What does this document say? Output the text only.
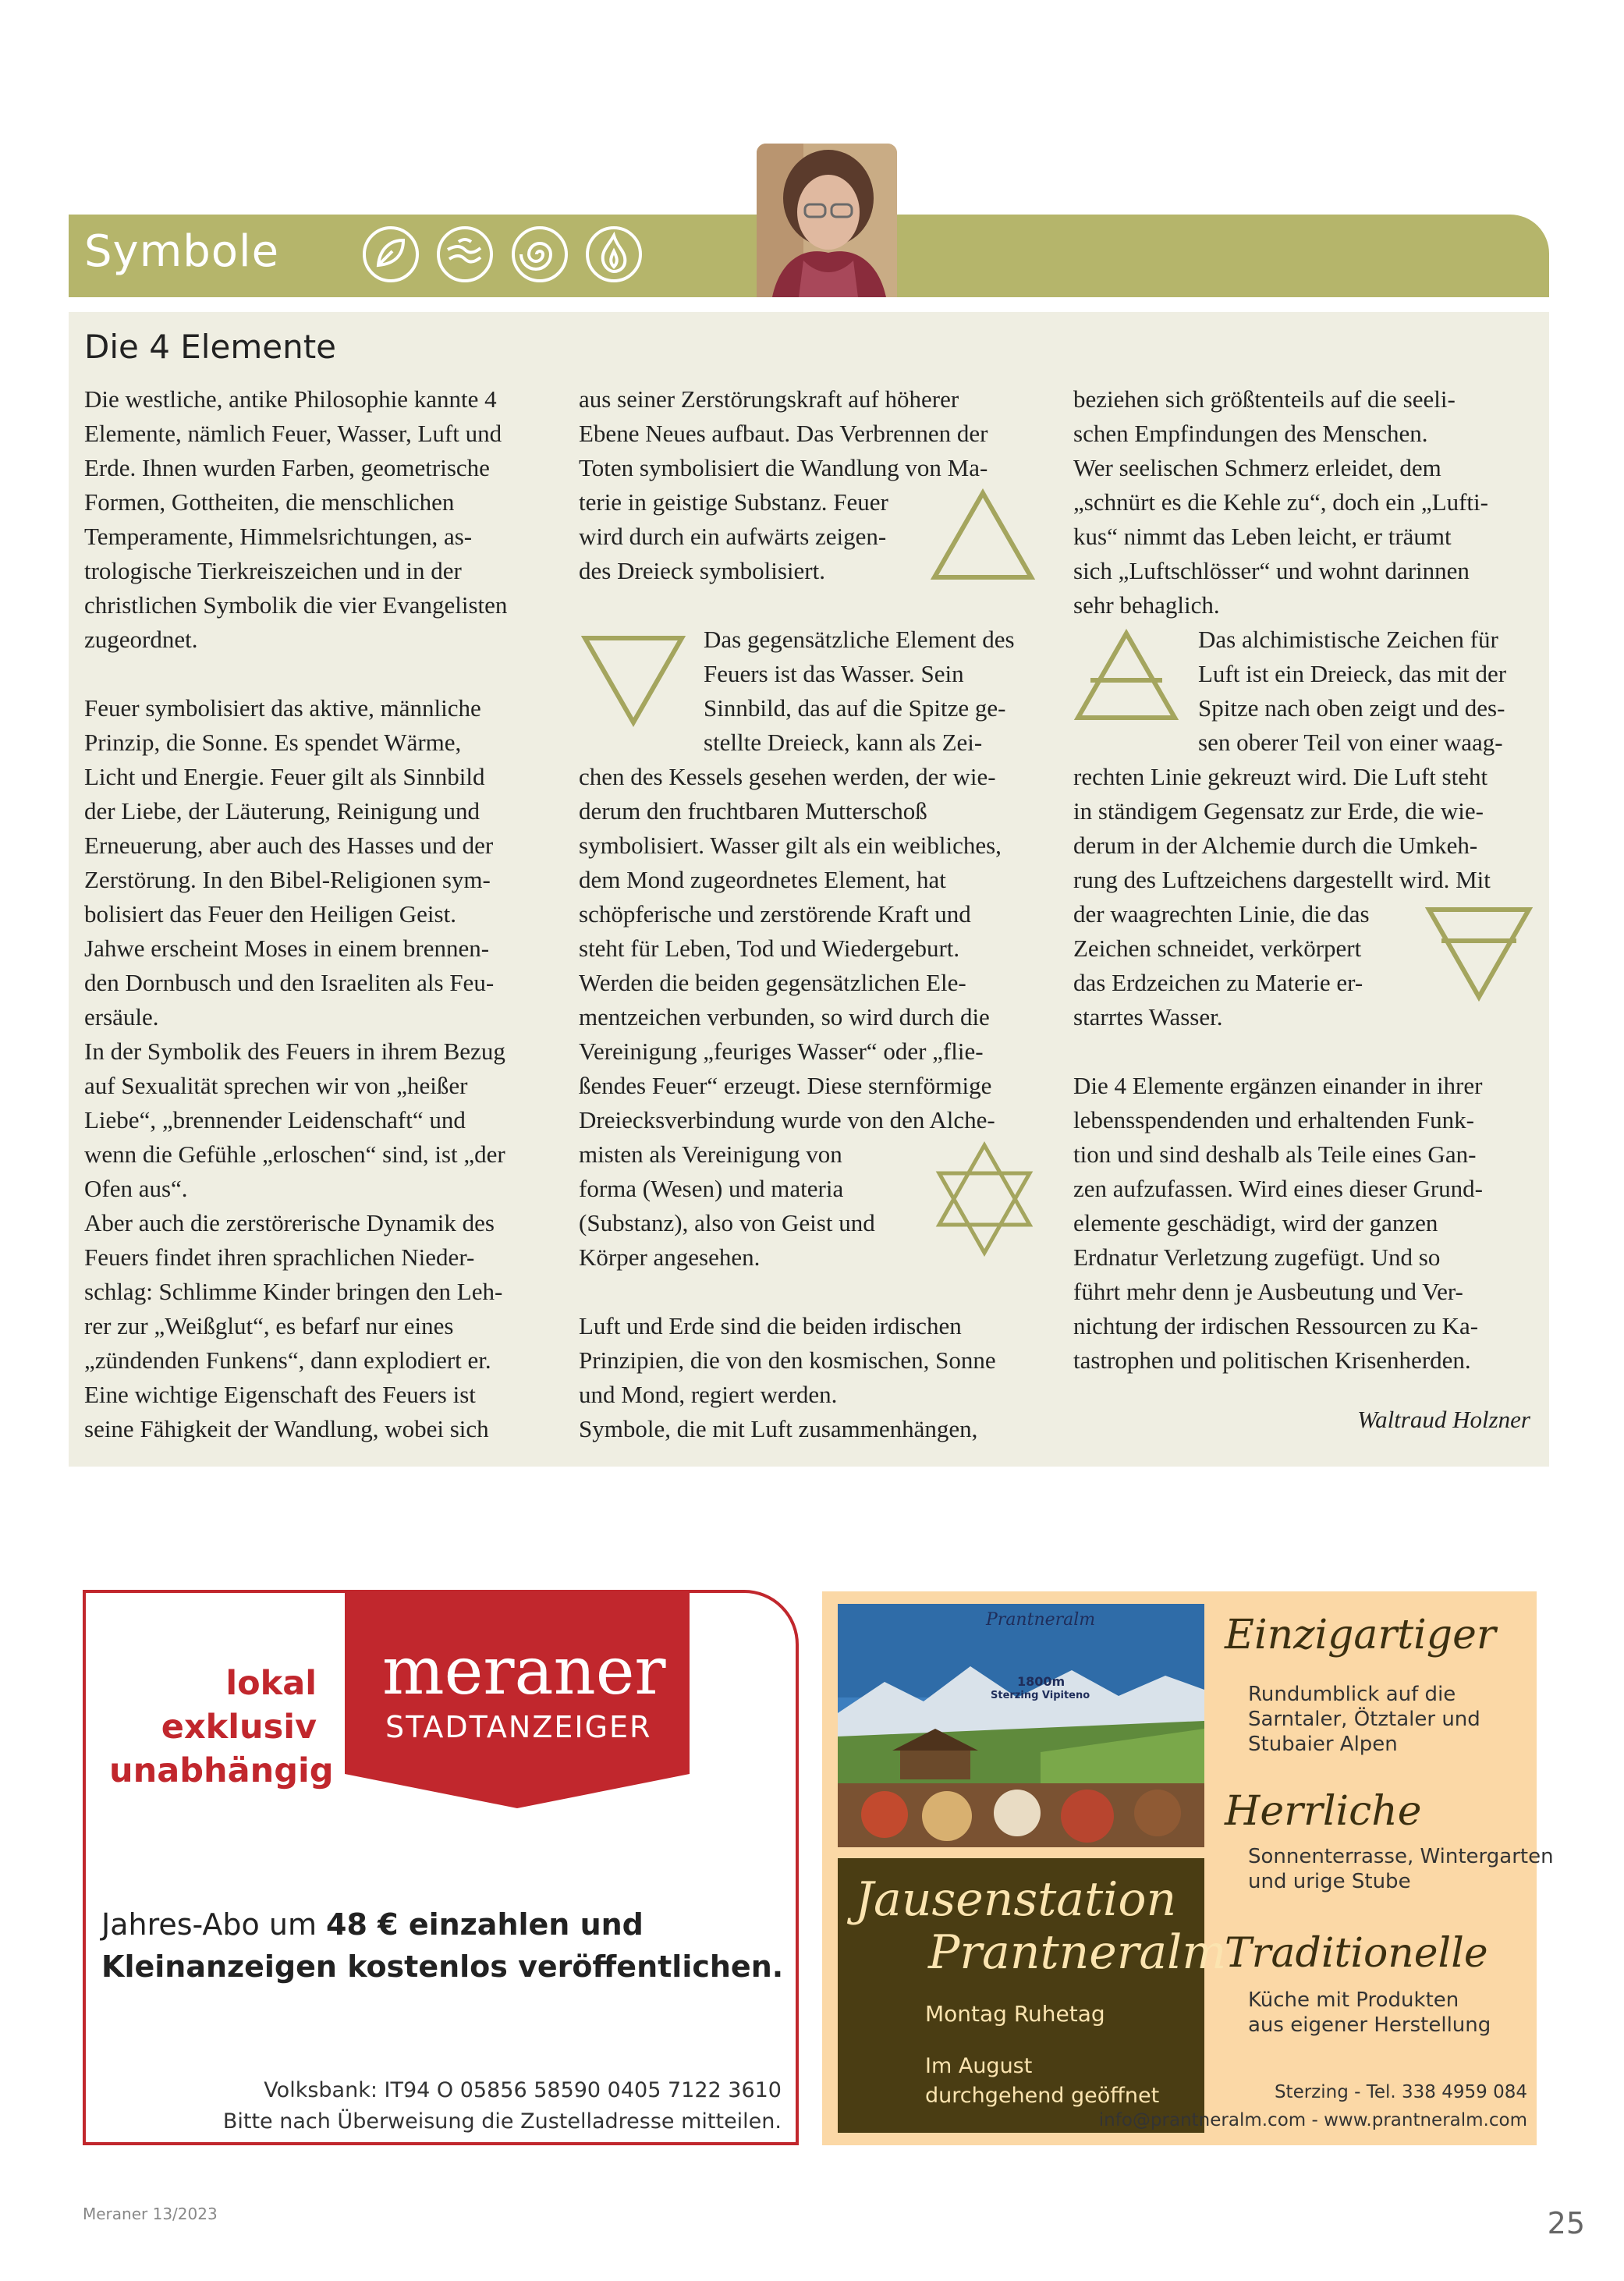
Symbole
Die 4 Elemente
Die westliche, antike Philosophie kannte 4
Elemente, nämlich Feuer, Wasser, Luft und
Erde. Ihnen wurden Farben, geometrische
Formen, Gottheiten, die menschlichen
Temperamente, Himmelsrichtungen, as-
trologische Tierkreiszeichen und in der
christlichen Symbolik die vier Evangelisten
zugeordnet.
Feuer symbolisiert das aktive, männliche
Prinzip, die Sonne. Es spendet Wärme,
Licht und Energie. Feuer gilt als Sinnbild
der Liebe, der Läuterung, Reinigung und
Erneuerung, aber auch des Hasses und der
Zerstörung. In den Bibel-Religionen sym-
bolisiert das Feuer den Heiligen Geist.
Jahwe erscheint Moses in einem brennen-
den Dornbusch und den Israeliten als Feu-
ersäule.
In der Symbolik des Feuers in ihrem Bezug
auf Sexualität sprechen wir von „heißer
Liebe“, „brennender Leidenschaft“ und
wenn die Gefühle „erloschen“ sind, ist „der
Ofen aus“.
Aber auch die zerstörerische Dynamik des
Feuers findet ihren sprachlichen Nieder-
schlag: Schlimme Kinder bringen den Leh-
rer zur „Weißglut“, es befarf nur eines
„zündenden Funkens“, dann explodiert er.
Eine wichtige Eigenschaft des Feuers ist
seine Fähigkeit der Wandlung, wobei sich
aus seiner Zerstörungskraft auf höherer
Ebene Neues aufbaut. Das Verbrennen der
Toten symbolisiert die Wandlung von Ma-
terie in geistige Substanz. Feuer
wird durch ein aufwärts zeigen-
des Dreieck symbolisiert.
Das gegensätzliche Element des
Feuers ist das Wasser. Sein
Sinnbild, das auf die Spitze ge-
stellte Dreieck, kann als Zei-
chen des Kessels gesehen werden, der wie-
derum den fruchtbaren Mutterschoß
symbolisiert. Wasser gilt als ein weibliches,
dem Mond zugeordnetes Element, hat
schöpferische und zerstörende Kraft und
steht für Leben, Tod und Wiedergeburt.
Werden die beiden gegensätzlichen Ele-
mentzeichen verbunden, so wird durch die
Vereinigung „feuriges Wasser“ oder „flie-
ßendes Feuer“ erzeugt. Diese sternförmige
Dreiecksverbindung wurde von den Alche-
misten als Vereinigung von
forma (Wesen) und materia
(Substanz), also von Geist und
Körper angesehen.
Luft und Erde sind die beiden irdischen
Prinzipien, die von den kosmischen, Sonne
und Mond, regiert werden.
Symbole, die mit Luft zusammenhängen,
beziehen sich größtenteils auf die seeli-
schen Empfindungen des Menschen.
Wer seelischen Schmerz erleidet, dem
„schnürt es die Kehle zu“, doch ein „Lufti-
kus“ nimmt das Leben leicht, er träumt
sich „Luftschlösser“ und wohnt darinnen
sehr behaglich.
Das alchimistische Zeichen für
Luft ist ein Dreieck, das mit der
Spitze nach oben zeigt und des-
sen oberer Teil von einer waag-
rechten Linie gekreuzt wird. Die Luft steht
in ständigem Gegensatz zur Erde, die wie-
derum in der Alchemie durch die Umkeh-
rung des Luftzeichens dargestellt wird. Mit
der waagrechten Linie, die das
Zeichen schneidet, verkörpert
das Erdzeichen zu Materie er-
starrtes Wasser.
Die 4 Elemente ergänzen einander in ihrer
lebensspendenden und erhaltenden Funk-
tion und sind deshalb als Teile eines Gan-
zen aufzufassen. Wird eines dieser Grund-
elemente geschädigt, wird der ganzen
Erdnatur Verletzung zugefügt. Und so
führt mehr denn je Ausbeutung und Ver-
nichtung der irdischen Ressourcen zu Ka-
tastrophen und politischen Krisenherden.
Waltraud Holzner
lokal
exklusiv
unabhängig
meraner
STADTANZEIGER
Jahres-Abo um 48 € einzahlen und
Kleinanzeigen kostenlos veröffentlichen.
Volksbank: IT94 O 05856 58590 0405 7122 3610
Bitte nach Überweisung die Zustelladresse mitteilen.
Prantneralm
1800m
Sterzing Vipiteno
Jausenstation
Prantneralm
Montag Ruhetag
Im August
durchgehend geöffnet
Einzigartiger
Rundumblick auf die
Sarntaler, Ötztaler und
Stubaier Alpen
Herrliche
Sonnenterrasse, Wintergarten
und urige Stube
Traditionelle
Küche mit Produkten
aus eigener Herstellung
Sterzing - Tel. 338 4959 084
info@prantneralm.com - www.prantneralm.com
Meraner 13/2023	25
